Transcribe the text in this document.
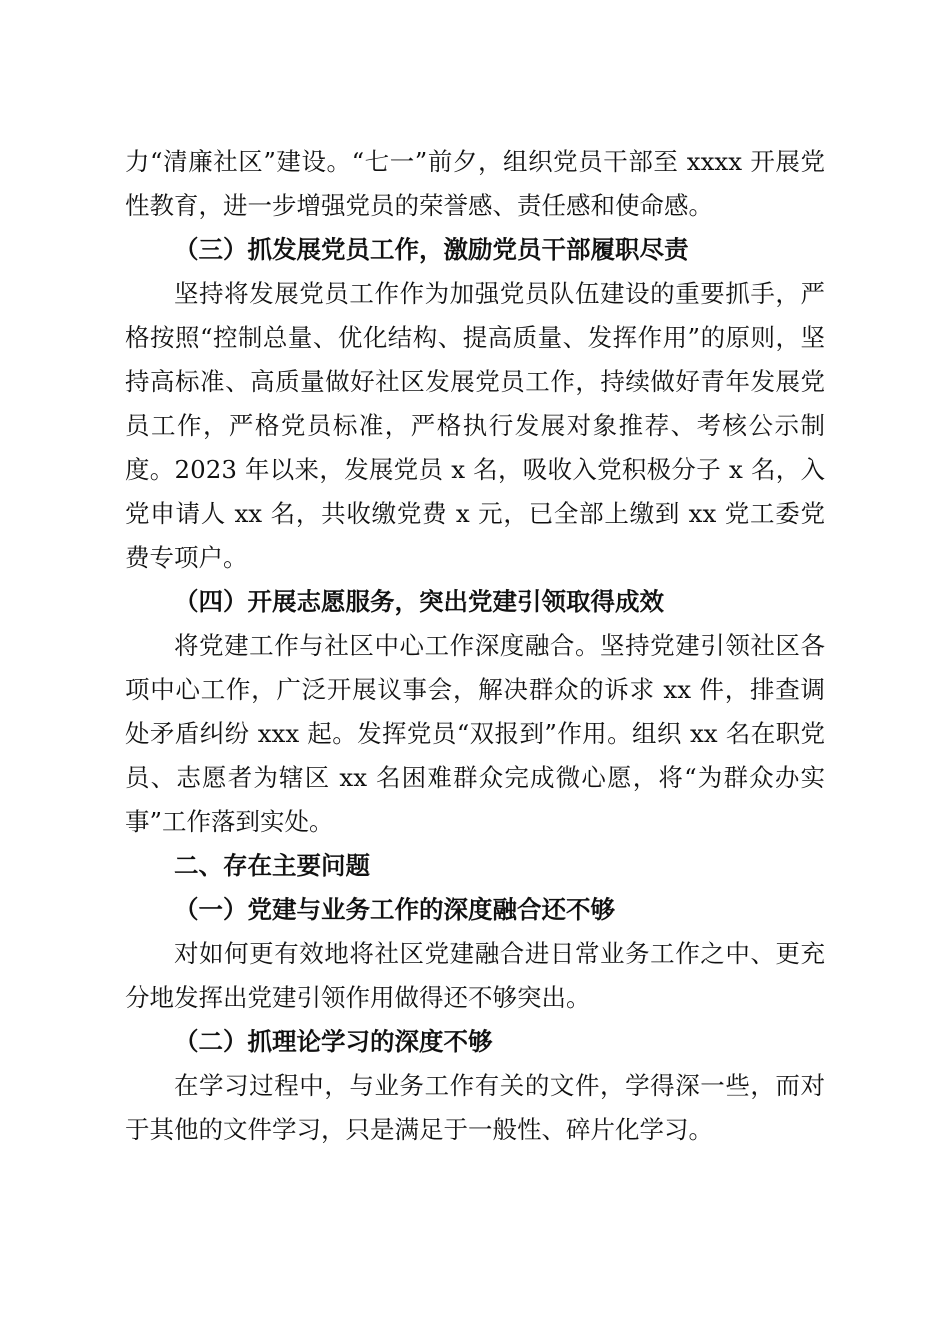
力“清廉社区”建设。“七一”前夕，组织党员干部至 xxxx 开展党性教育，进一步增强党员的荣誉感、责任感和使命感。

（三）抓发展党员工作，激励党员干部履职尽责

坚持将发展党员工作作为加强党员队伍建设的重要抓手，严格按照“控制总量、优化结构、提高质量、发挥作用”的原则，坚持高标准、高质量做好社区发展党员工作，持续做好青年发展党员工作，严格党员标准，严格执行发展对象推荐、考核公示制度。2023 年以来，发展党员 x 名，吸收入党积极分子 x 名，入党申请人 xx 名，共收缴党费 x 元，已全部上缴到 xx 党工委党费专项户。

（四）开展志愿服务，突出党建引领取得成效

将党建工作与社区中心工作深度融合。坚持党建引领社区各项中心工作，广泛开展议事会，解决群众的诉求 xx 件，排查调处矛盾纠纷 xxx 起。发挥党员“双报到”作用。组织 xx 名在职党员、志愿者为辖区 xx 名困难群众完成微心愿，将“为群众办实事”工作落到实处。

二、存在主要问题

（一）党建与业务工作的深度融合还不够

对如何更有效地将社区党建融合进日常业务工作之中、更充分地发挥出党建引领作用做得还不够突出。

（二）抓理论学习的深度不够

在学习过程中，与业务工作有关的文件，学得深一些，而对于其他的文件学习，只是满足于一般性、碎片化学习。
